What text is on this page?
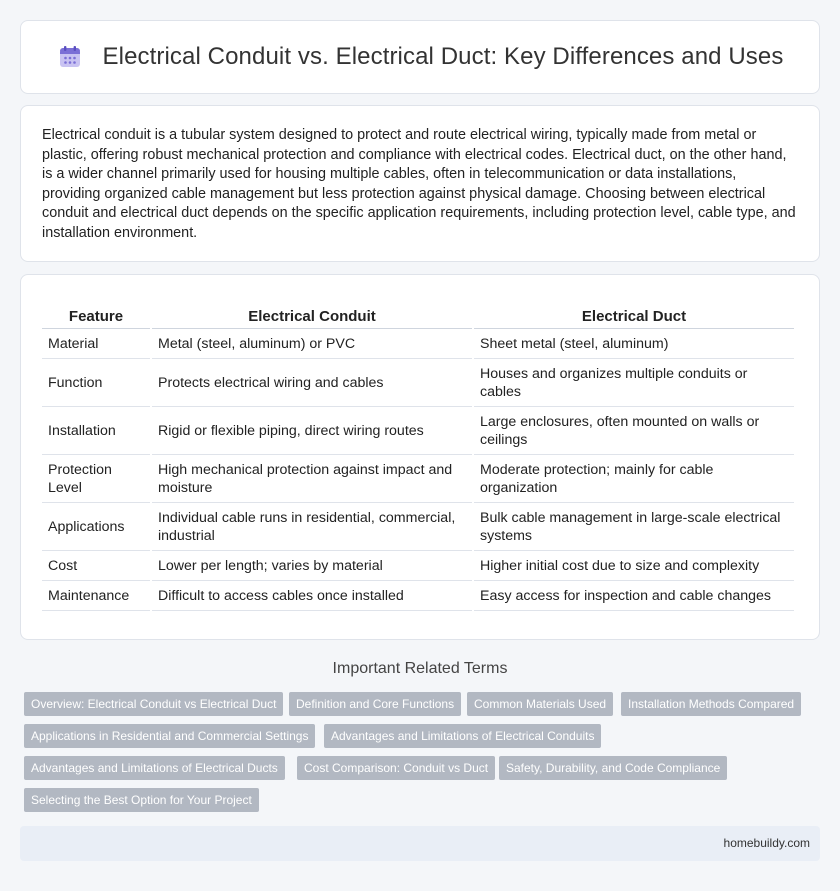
Electrical Conduit vs. Electrical Duct: Key Differences and Uses

Electrical conduit is a tubular system designed to protect and route electrical wiring, typically made from metal or plastic, offering robust mechanical protection and compliance with electrical codes. Electrical duct, on the other hand, is a wider channel primarily used for housing multiple cables, often in telecommunication or data installations, providing organized cable management but less protection against physical damage. Choosing between electrical conduit and electrical duct depends on the specific application requirements, including protection level, cable type, and installation environment.

Feature	Electrical Conduit	Electrical Duct
Material	Metal (steel, aluminum) or PVC	Sheet metal (steel, aluminum)
Function	Protects electrical wiring and cables	Houses and organizes multiple conduits or cables
Installation	Rigid or flexible piping, direct wiring routes	Large enclosures, often mounted on walls or ceilings
Protection Level	High mechanical protection against impact and moisture	Moderate protection; mainly for cable organization
Applications	Individual cable runs in residential, commercial, industrial	Bulk cable management in large-scale electrical systems
Cost	Lower per length; varies by material	Higher initial cost due to size and complexity
Maintenance	Difficult to access cables once installed	Easy access for inspection and cable changes
Important Related Terms
Overview: Electrical Conduit vs Electrical Duct	Definition and Core Functions	Common Materials Used	Installation Methods Compared
Applications in Residential and Commercial Settings	Advantages and Limitations of Electrical Conduits
Advantages and Limitations of Electrical Ducts	Cost Comparison: Conduit vs Duct	Safety, Durability, and Code Compliance
Selecting the Best Option for Your Project
homebuildy.com
